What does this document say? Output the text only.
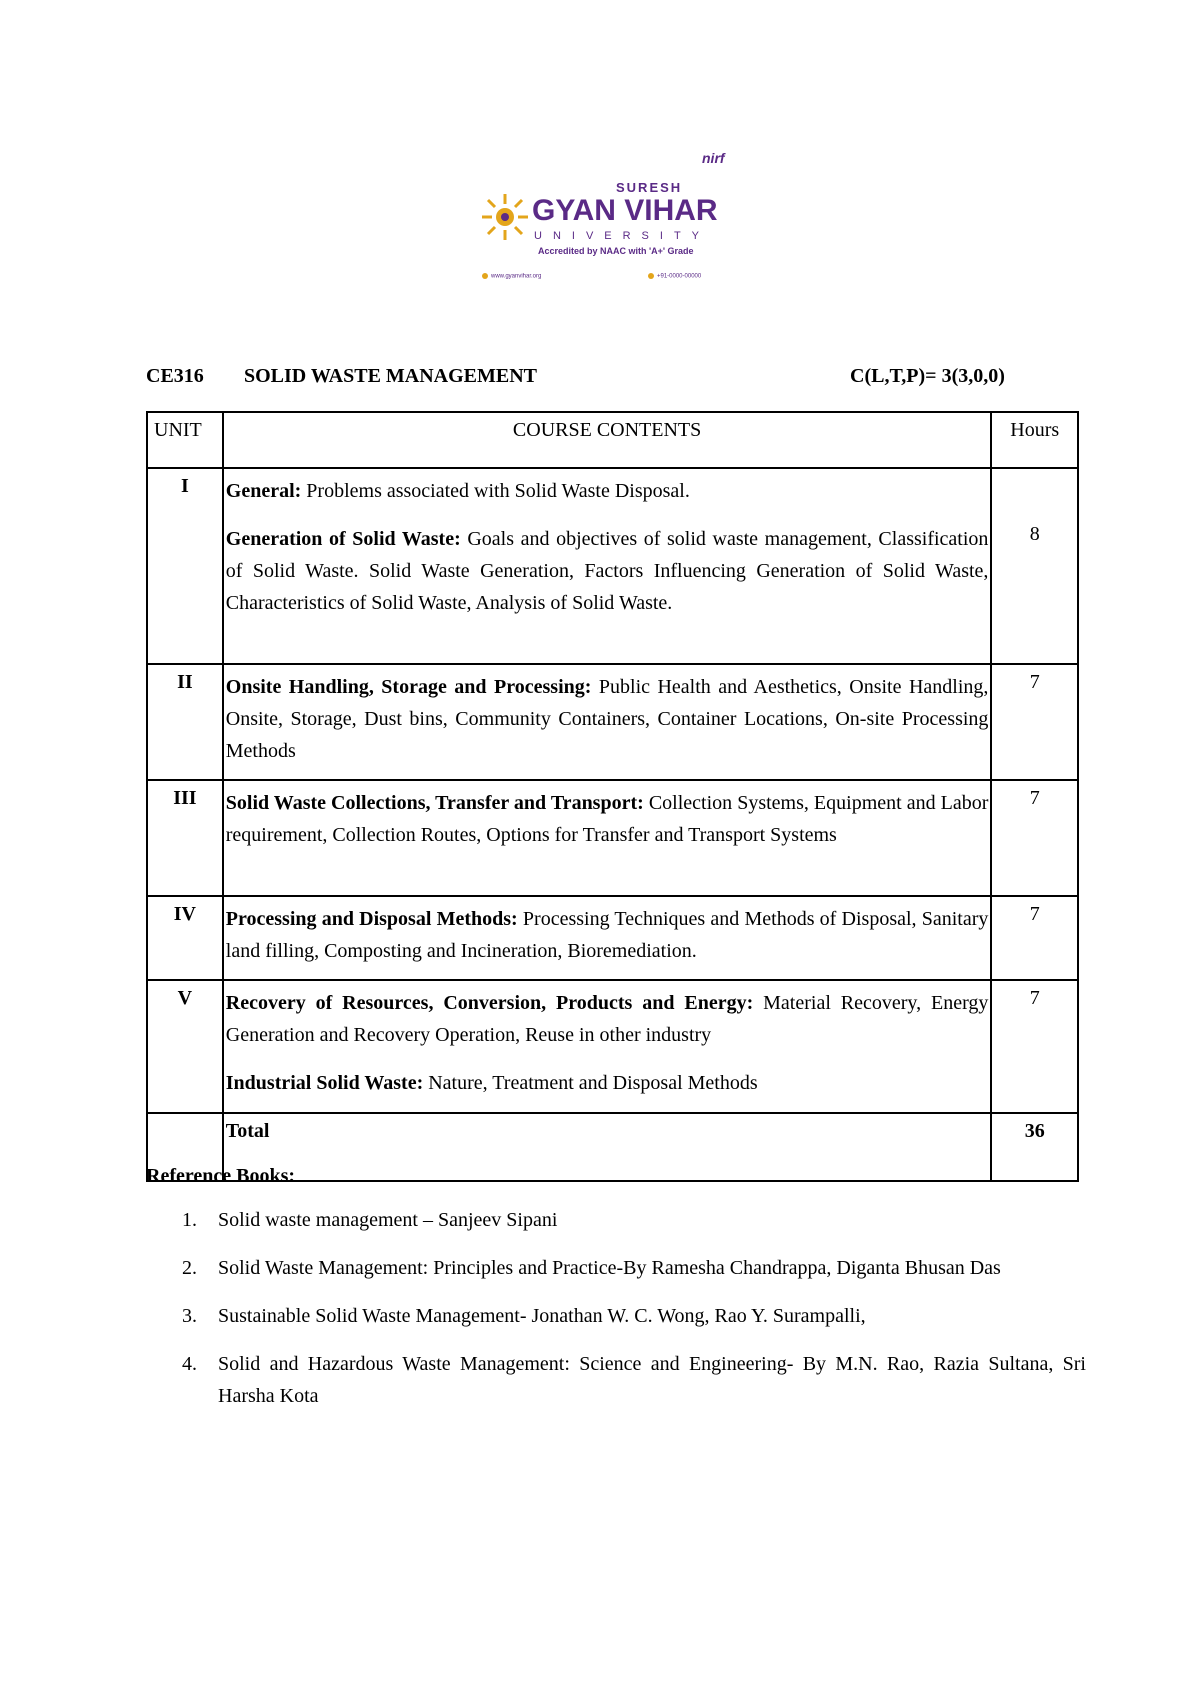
nirf
SURESH
GYAN VIHAR
UNIVERSITY
Accredited by NAAC with 'A+' Grade
www.gyanvihar.org	+91-0000-00000
CE316 SOLID WASTE MANAGEMENT	C(L,T,P)= 3(3,0,0)
UNIT	COURSE CONTENTS	Hours
I	General: Problems associated with Solid Waste Disposal.

Generation of Solid Waste: Goals and objectives of solid waste management, Classification of Solid Waste. Solid Waste Generation, Factors Influencing Generation of Solid Waste, Characteristics of Solid Waste, Analysis of Solid Waste.	8
II	Onsite Handling, Storage and Processing: Public Health and Aesthetics, Onsite Handling, Onsite, Storage, Dust bins, Community Containers, Container Locations, On-site Processing Methods	7
III	Solid Waste Collections, Transfer and Transport: Collection Systems, Equipment and Labor requirement, Collection Routes, Options for Transfer and Transport Systems	7
IV	Processing and Disposal Methods: Processing Techniques and Methods of Disposal, Sanitary land filling, Composting and Incineration, Bioremediation.	7
V	Recovery of Resources, Conversion, Products and Energy: Material Recovery, Energy Generation and Recovery Operation, Reuse in other industry

Industrial Solid Waste: Nature, Treatment and Disposal Methods	7
	Total	36

Reference Books:

1. Solid waste management – Sanjeev Sipani
2. Solid Waste Management: Principles and Practice-By Ramesha Chandrappa, Diganta Bhusan Das
3. Sustainable Solid Waste Management- Jonathan W. C. Wong, Rao Y. Surampalli,
4. Solid and Hazardous Waste Management: Science and Engineering- By M.N. Rao, Razia Sultana, Sri Harsha Kota
